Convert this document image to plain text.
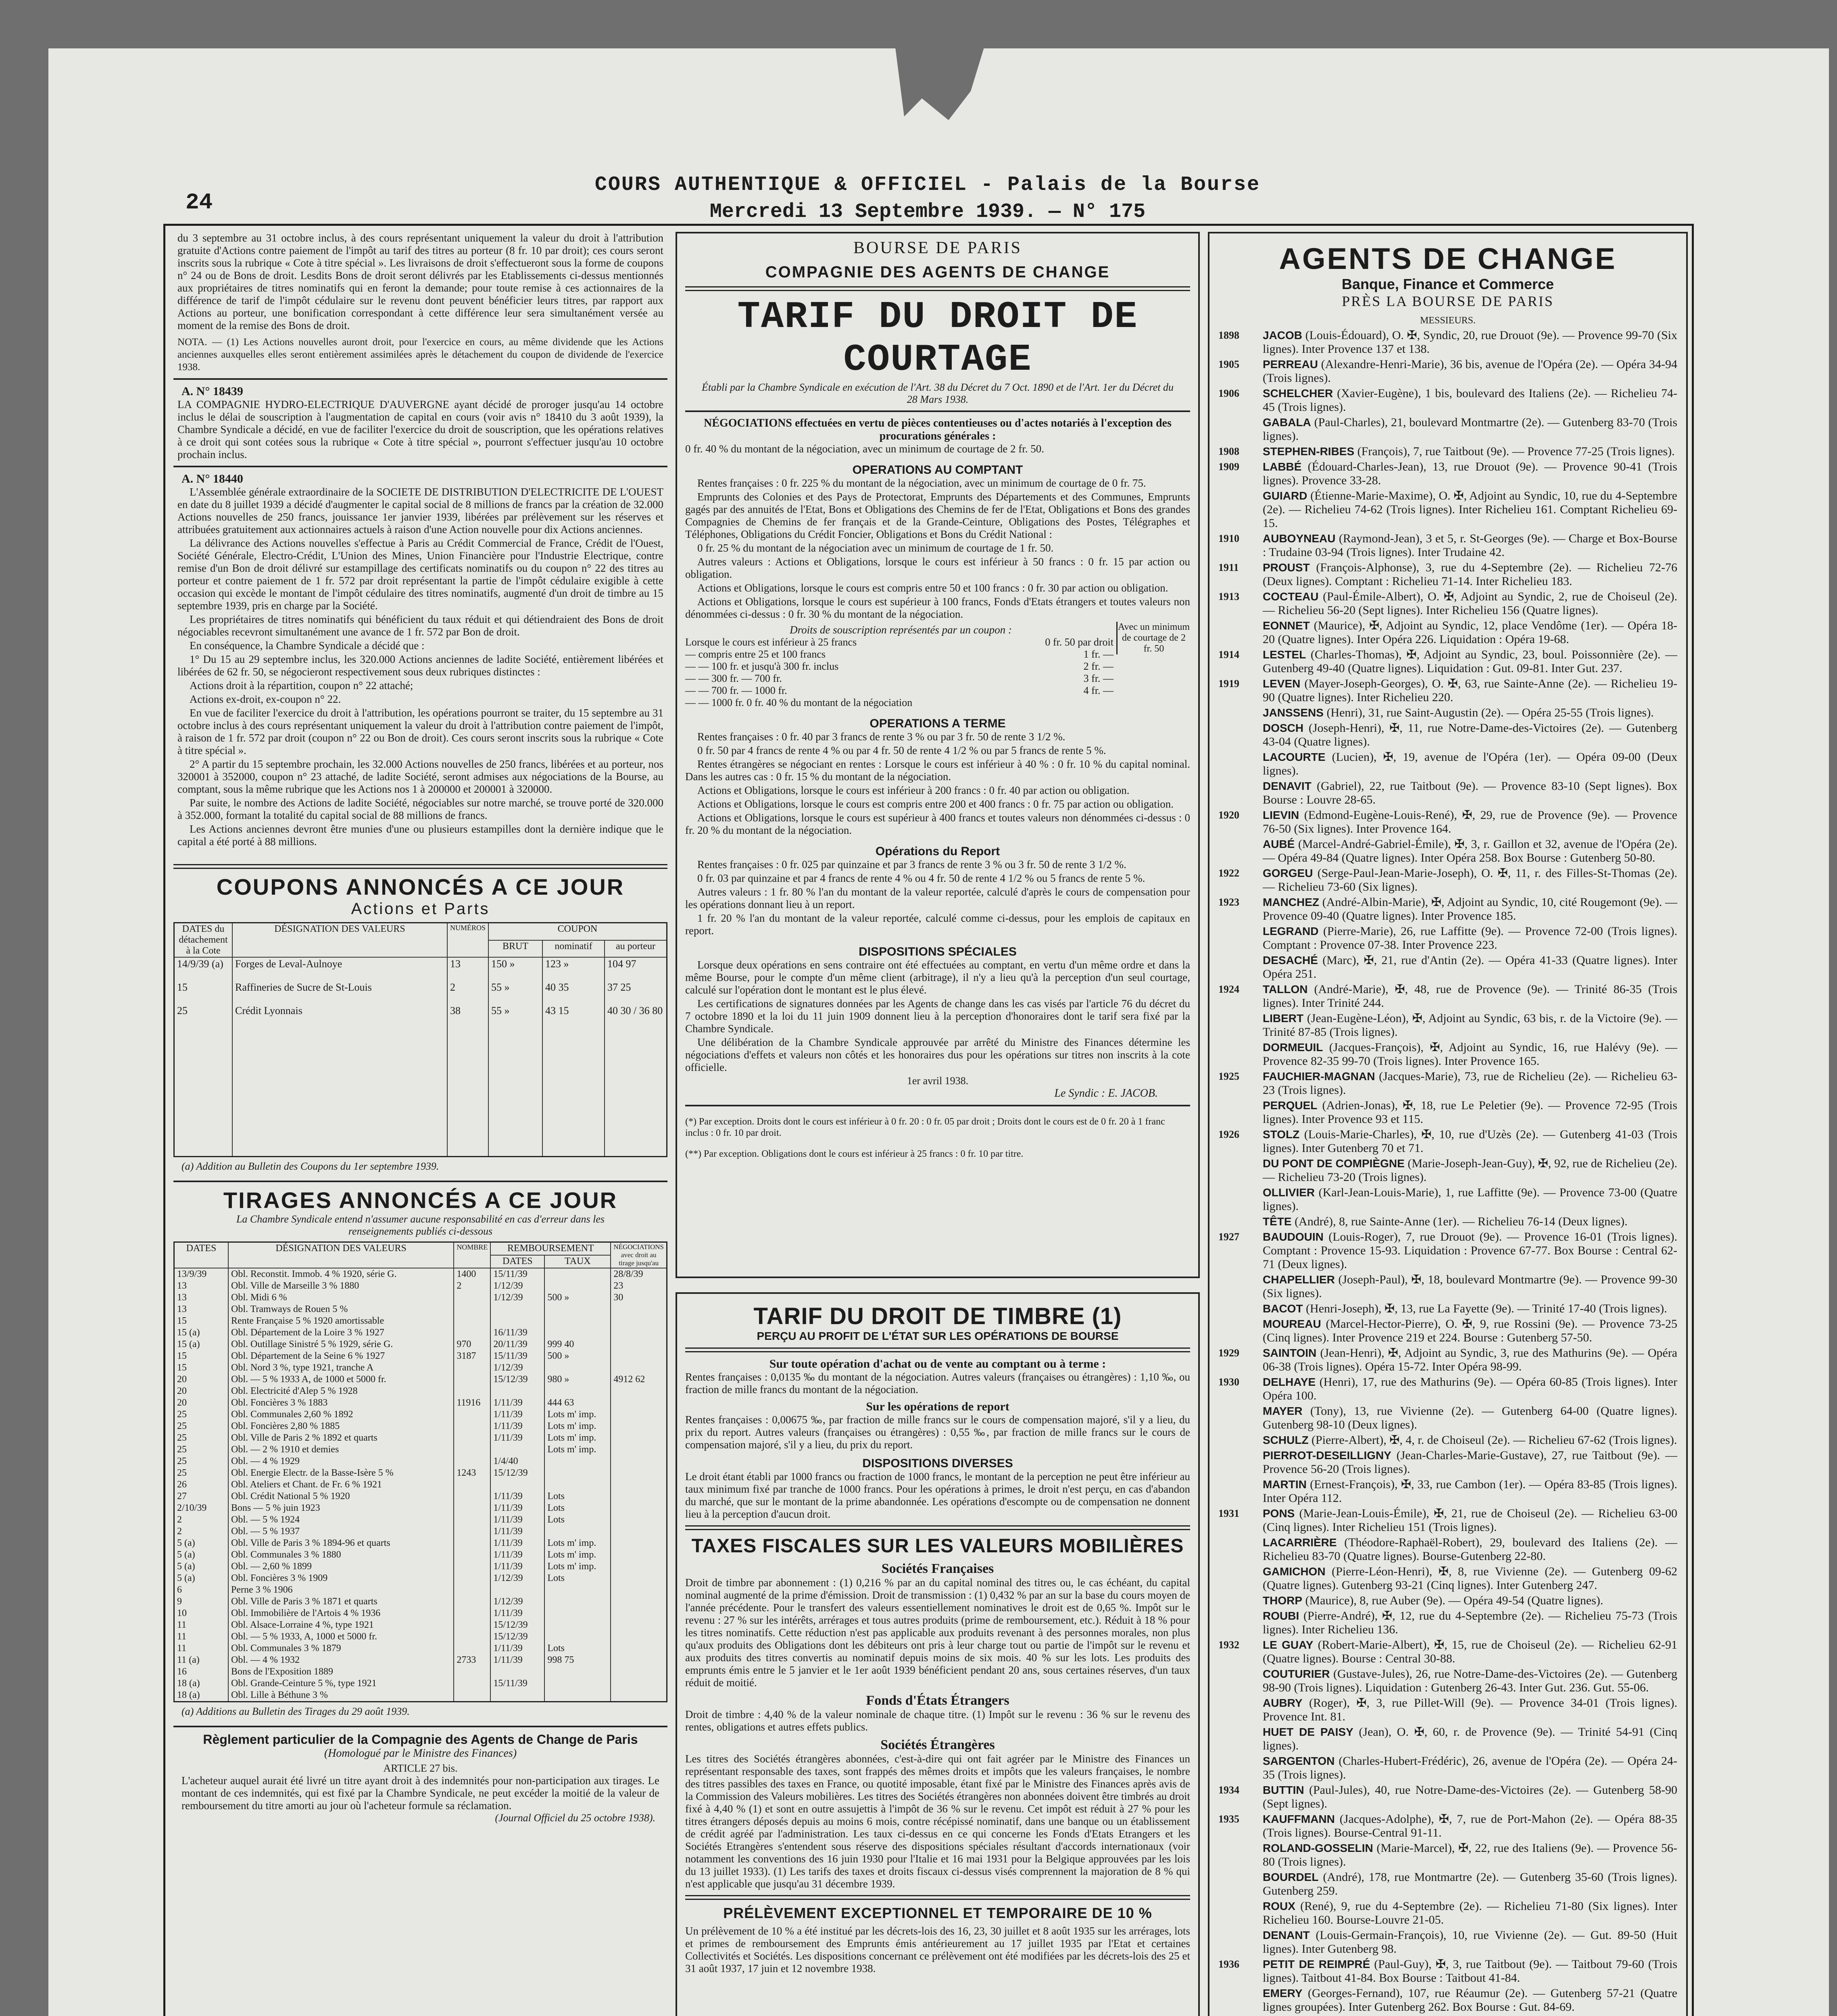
24
COURS AUTHENTIQUE & OFFICIEL - Palais de la Bourse
Mercredi 13 Septembre 1939. — N° 175
du 3 septembre au 31 octobre inclus, à des cours représentant uniquement la valeur du droit à l'attribution gratuite d'Actions contre paiement de l'impôt au tarif des titres au porteur (8 fr. 10 par droit); ces cours seront inscrits sous la rubrique « Cote à titre spécial ». Les livraisons de droit s'effectueront sous la forme de coupons n° 24 ou de Bons de droit. Lesdits Bons de droit seront délivrés par les Etablissements ci-dessus mentionnés aux propriétaires de titres nominatifs qui en feront la demande; pour toute remise à ces actionnaires de la différence de tarif de l'impôt cédulaire sur le revenu dont peuvent bénéficier leurs titres, par rapport aux Actions au porteur, une bonification correspondant à cette différence leur sera simultanément versée au moment de la remise des Bons de droit.
NOTA. — (1) Les Actions nouvelles auront droit, pour l'exercice en cours, au même dividende que les Actions anciennes auxquelles elles seront entièrement assimilées après le détachement du coupon de dividende de l'exercice 1938.
A. N° 18439
LA COMPAGNIE HYDRO-ELECTRIQUE D'AUVERGNE ayant décidé de proroger jusqu'au 14 octobre inclus le délai de souscription à l'augmentation de capital en cours (voir avis n° 18410 du 3 août 1939), la Chambre Syndicale a décidé, en vue de faciliter l'exercice du droit de souscription, que les opérations relatives à ce droit qui sont cotées sous la rubrique « Cote à titre spécial », pourront s'effectuer jusqu'au 10 octobre prochain inclus.
A. N° 18440

L'Assemblée générale extraordinaire de la SOCIETE DE DISTRIBUTION D'ELECTRICITE DE L'OUEST en date du 8 juillet 1939 a décidé d'augmenter le capital social de 8 millions de francs par la création de 32.000 Actions nouvelles de 250 francs, jouissance 1er janvier 1939, libérées par prélèvement sur les réserves et attribuées gratuitement aux actionnaires actuels à raison d'une Action nouvelle pour dix Actions anciennes.

La délivrance des Actions nouvelles s'effectue à Paris au Crédit Commercial de France, Crédit de l'Ouest, Société Générale, Electro-Crédit, L'Union des Mines, Union Financière pour l'Industrie Electrique, contre remise d'un Bon de droit délivré sur estampillage des certificats nominatifs ou du coupon n° 22 des titres au porteur et contre paiement de 1 fr. 572 par droit représentant la partie de l'impôt cédulaire exigible à cette occasion qui excède le montant de l'impôt cédulaire des titres nominatifs, augmenté d'un droit de timbre au 15 septembre 1939, pris en charge par la Société.

Les propriétaires de titres nominatifs qui bénéficient du taux réduit et qui détiendraient des Bons de droit négociables recevront simultanément une avance de 1 fr. 572 par Bon de droit.

En conséquence, la Chambre Syndicale a décidé que :

1° Du 15 au 29 septembre inclus, les 320.000 Actions anciennes de ladite Société, entièrement libérées et libérées de 62 fr. 50, se négocieront respectivement sous deux rubriques distinctes :

Actions droit à la répartition, coupon n° 22 attaché;

Actions ex-droit, ex-coupon n° 22.

En vue de faciliter l'exercice du droit à l'attribution, les opérations pourront se traiter, du 15 septembre au 31 octobre inclus à des cours représentant uniquement la valeur du droit à l'attribution contre paiement de l'impôt, à raison de 1 fr. 572 par droit (coupon n° 22 ou Bon de droit). Ces cours seront inscrits sous la rubrique « Cote à titre spécial ».

2° A partir du 15 septembre prochain, les 32.000 Actions nouvelles de 250 francs, libérées et au porteur, nos 320001 à 352000, coupon n° 23 attaché, de ladite Société, seront admises aux négociations de la Bourse, au comptant, sous la même rubrique que les Actions nos 1 à 200000 et 200001 à 320000.

Par suite, le nombre des Actions de ladite Société, négociables sur notre marché, se trouve porté de 320.000 à 352.000, formant la totalité du capital social de 88 millions de francs.

Les Actions anciennes devront être munies d'une ou plusieurs estampilles dont la dernière indique que le capital a été porté à 88 millions.

COUPONS ANNONCÉS A CE JOUR
Actions et Parts
DATES du détachement à la Cote	DÉSIGNATION DES VALEURS	NUMÉROS	COUPON		
			BRUT	nominatif	au porteur
14/9/39 (a)	Forges de Leval-Aulnoye	13	150 »	123 »	104 97
15	Raffineries de Sucre de St-Louis	2	55 »	40 35	37 25
25	Crédit Lyonnais	38	55 »	43 15	40 30 / 36 80

(a) Addition au Bulletin des Coupons du 1er septembre 1939.
TIRAGES ANNONCÉS A CE JOUR
La Chambre Syndicale entend n'assumer aucune responsabilité en cas d'erreur dans les renseignements publiés ci-dessous
DATES	DÉSIGNATION DES VALEURS	NOMBRE	REMBOURSEMENT		NÉGOCIATIONS avec droit au tirage jusqu'au
			DATES	TAUX	
13/9/39	Obl. Reconstit. Immob. 4 % 1920, série G.	1400	15/11/39		28/8/39
13	Obl. Ville de Marseille 3 % 1880	2	1/12/39		23
13	Obl. Midi 6 %		1/12/39	500 »	30
13	Obl. Tramways de Rouen 5 %				
15	Rente Française 5 % 1920 amortissable				
15 (a)	Obl. Département de la Loire 3 % 1927		16/11/39		
15 (a)	Obl. Outillage Sinistré 5 % 1929, série G.	970	20/11/39	999 40	
15	Obl. Département de la Seine 6 % 1927	3187	15/11/39	500 »	
15	Obl. Nord 3 %, type 1921, tranche A		1/12/39		
20	Obl. — 5 % 1933 A, de 1000 et 5000 fr.		15/12/39	980 »	4912 62
20	Obl. Electricité d'Alep 5 % 1928				
20	Obl. Foncières 3 % 1883	11916	1/11/39	444 63	
25	Obl. Communales 2,60 % 1892		1/11/39	Lots m' imp.	
25	Obl. Foncières 2,80 % 1885		1/11/39	Lots m' imp.	
25	Obl. Ville de Paris 2 % 1892 et quarts		1/11/39	Lots m' imp.	
25	Obl. — 2 % 1910 et demies			Lots m' imp.	
25	Obl. — 4 % 1929		1/4/40		
25	Obl. Energie Electr. de la Basse-Isère 5 %	1243	15/12/39		
26	Obl. Ateliers et Chant. de Fr. 6 % 1921				
27	Obl. Crédit National 5 % 1920		1/11/39	Lots	
2/10/39	Bons — 5 % juin 1923		1/11/39	Lots	
2	Obl. — 5 % 1924		1/11/39	Lots	
2	Obl. — 5 % 1937		1/11/39		
5 (a)	Obl. Ville de Paris 3 % 1894-96 et quarts		1/11/39	Lots m' imp.	
5 (a)	Obl. Communales 3 % 1880		1/11/39	Lots m' imp.	
5 (a)	Obl. — 2,60 % 1899		1/11/39	Lots m' imp.	
5 (a)	Obl. Foncières 3 % 1909		1/12/39	Lots	
6	Perne 3 % 1906				
9	Obl. Ville de Paris 3 % 1871 et quarts		1/12/39		
10	Obl. Immobilière de l'Artois 4 % 1936		1/11/39		
11	Obl. Alsace-Lorraine 4 %, type 1921		15/12/39		
11	Obl. — 5 % 1933, A, 1000 et 5000 fr.		15/12/39		
11	Obl. Communales 3 % 1879		1/11/39	Lots	
11 (a)	Obl. — 4 % 1932	2733	1/11/39	998 75	
16	Bons de l'Exposition 1889				
18 (a)	Obl. Grande-Ceinture 5 %, type 1921		15/11/39		
18 (a)	Obl. Lille à Béthune 3 %				
(a) Additions au Bulletin des Tirages du 29 août 1939.
Règlement particulier de la Compagnie des Agents de Change de Paris
(Homologué par le Ministre des Finances)
ARTICLE 27 bis.
L'acheteur auquel aurait été livré un titre ayant droit à des indemnités pour non-participation aux tirages. Le montant de ces indemnités, qui est fixé par la Chambre Syndicale, ne peut excéder la moitié de la valeur de remboursement du titre amorti au jour où l'acheteur formule sa réclamation.
(Journal Officiel du 25 octobre 1938).
BOURSE DE PARIS
COMPAGNIE DES AGENTS DE CHANGE
TARIF DU DROIT DE COURTAGE
Établi par la Chambre Syndicale en exécution de l'Art. 38 du Décret du 7 Oct. 1890 et de l'Art. 1er du Décret du 28 Mars 1938.
NÉGOCIATIONS effectuées en vertu de pièces contentieuses ou d'actes notariés à l'exception des procurations générales :
0 fr. 40 % du montant de la négociation, avec un minimum de courtage de 2 fr. 50.
OPERATIONS AU COMPTANT

Rentes françaises : 0 fr. 225 % du montant de la négociation, avec un minimum de courtage de 0 fr. 75.

Emprunts des Colonies et des Pays de Protectorat, Emprunts des Départements et des Communes, Emprunts gagés par des annuités de l'Etat, Bons et Obligations des Chemins de fer de l'Etat, Obligations et Bons des grandes Compagnies de Chemins de fer français et de la Grande-Ceinture, Obligations des Postes, Télégraphes et Téléphones, Obligations du Crédit Foncier, Obligations et Bons du Crédit National :

0 fr. 25 % du montant de la négociation avec un minimum de courtage de 1 fr. 50.

Autres valeurs : Actions et Obligations, lorsque le cours est inférieur à 50 francs : 0 fr. 15 par action ou obligation.

Actions et Obligations, lorsque le cours est compris entre 50 et 100 francs : 0 fr. 30 par action ou obligation.

Actions et Obligations, lorsque le cours est supérieur à 100 francs, Fonds d'Etats étrangers et toutes valeurs non dénommées ci-dessus : 0 fr. 30 % du montant de la négociation.

Avec un minimum de courtage de 2 fr. 50
Droits de souscription représentés par un coupon :
Lorsque le cours est inférieur à 25 francs	0 fr. 50 par droit
— compris entre 25 et 100 francs	1 fr. —
— — 100 fr. et jusqu'à 300 fr. inclus	2 fr. —
— — 300 fr. — 700 fr.	3 fr. —
— — 700 fr. — 1000 fr.	4 fr. —
— — 1000 fr. 0 fr. 40 % du montant de la négociation
OPERATIONS A TERME

Rentes françaises : 0 fr. 40 par 3 francs de rente 3 % ou par 3 fr. 50 de rente 3 1/2 %.

0 fr. 50 par 4 francs de rente 4 % ou par 4 fr. 50 de rente 4 1/2 % ou par 5 francs de rente 5 %.

Rentes étrangères se négociant en rentes : Lorsque le cours est inférieur à 40 % : 0 fr. 10 % du capital nominal. Dans les autres cas : 0 fr. 15 % du montant de la négociation.

Actions et Obligations, lorsque le cours est inférieur à 200 francs : 0 fr. 40 par action ou obligation.

Actions et Obligations, lorsque le cours est compris entre 200 et 400 francs : 0 fr. 75 par action ou obligation.

Actions et Obligations, lorsque le cours est supérieur à 400 francs et toutes valeurs non dénommées ci-dessus : 0 fr. 20 % du montant de la négociation.

Opérations du Report

Rentes françaises : 0 fr. 025 par quinzaine et par 3 francs de rente 3 % ou 3 fr. 50 de rente 3 1/2 %.

0 fr. 03 par quinzaine et par 4 francs de rente 4 % ou 4 fr. 50 de rente 4 1/2 % ou 5 francs de rente 5 %.

Autres valeurs : 1 fr. 80 % l'an du montant de la valeur reportée, calculé d'après le cours de compensation pour les opérations donnant lieu à un report.

1 fr. 20 % l'an du montant de la valeur reportée, calculé comme ci-dessus, pour les emplois de capitaux en report.

DISPOSITIONS SPÉCIALES

Lorsque deux opérations en sens contraire ont été effectuées au comptant, en vertu d'un même ordre et dans la même Bourse, pour le compte d'un même client (arbitrage), il n'y a lieu qu'à la perception d'un seul courtage, calculé sur l'opération dont le montant est le plus élevé.

Les certifications de signatures données par les Agents de change dans les cas visés par l'article 76 du décret du 7 octobre 1890 et la loi du 11 juin 1909 donnent lieu à la perception d'honoraires dont le tarif sera fixé par la Chambre Syndicale.

Une délibération de la Chambre Syndicale approuvée par arrêté du Ministre des Finances détermine les négociations d'effets et valeurs non côtés et les honoraires dus pour les opérations sur titres non inscrits à la cote officielle.

1er avril 1938.
Le Syndic : E. JACOB.

(*) Par exception. Droits dont le cours est inférieur à 0 fr. 20 : 0 fr. 05 par droit ; Droits dont le cours est de 0 fr. 20 à 1 franc inclus : 0 fr. 10 par droit.

(**) Par exception. Obligations dont le cours est inférieur à 25 francs : 0 fr. 10 par titre.

TARIF DU DROIT DE TIMBRE (1)
PERÇU AU PROFIT DE L'ÉTAT SUR LES OPÉRATIONS DE BOURSE
Sur toute opération d'achat ou de vente au comptant ou à terme :
Rentes françaises : 0,0135 ‰ du montant de la négociation. Autres valeurs (françaises ou étrangères) : 1,10 ‰, ou fraction de mille francs du montant de la négociation.
Sur les opérations de report
Rentes françaises : 0,00675 ‰, par fraction de mille francs sur le cours de compensation majoré, s'il y a lieu, du prix du report. Autres valeurs (françaises ou étrangères) : 0,55 ‰, par fraction de mille francs sur le cours de compensation majoré, s'il y a lieu, du prix du report.
DISPOSITIONS DIVERSES
Le droit étant établi par 1000 francs ou fraction de 1000 francs, le montant de la perception ne peut être inférieur au taux minimum fixé par tranche de 1000 francs. Pour les opérations à primes, le droit n'est perçu, en cas d'abandon du marché, que sur le montant de la prime abandonnée. Les opérations d'escompte ou de compensation ne donnent lieu à la perception d'aucun droit.
TAXES FISCALES SUR LES VALEURS MOBILIÈRES
Sociétés Françaises
Droit de timbre par abonnement : (1) 0,216 % par an du capital nominal des titres ou, le cas échéant, du capital nominal augmenté de la prime d'émission. Droit de transmission : (1) 0,432 % par an sur la base du cours moyen de l'année précédente. Pour le transfert des valeurs essentiellement nominatives le droit est de 0,65 %. Impôt sur le revenu : 27 % sur les intérêts, arrérages et tous autres produits (prime de remboursement, etc.). Réduit à 18 % pour les titres nominatifs. Cette réduction n'est pas applicable aux produits revenant à des personnes morales, non plus qu'aux produits des Obligations dont les débiteurs ont pris à leur charge tout ou partie de l'impôt sur le revenu et aux produits des titres convertis au nominatif depuis moins de six mois. 40 % sur les lots. Les produits des emprunts émis entre le 5 janvier et le 1er août 1939 bénéficient pendant 20 ans, sous certaines réserves, d'un taux réduit de moitié.
Fonds d'États Étrangers
Droit de timbre : 4,40 % de la valeur nominale de chaque titre. (1) Impôt sur le revenu : 36 % sur le revenu des rentes, obligations et autres effets publics.
Sociétés Étrangères
Les titres des Sociétés étrangères abonnées, c'est-à-dire qui ont fait agréer par le Ministre des Finances un représentant responsable des taxes, sont frappés des mêmes droits et impôts que les valeurs françaises, le nombre des titres passibles des taxes en France, ou quotité imposable, étant fixé par le Ministre des Finances après avis de la Commission des Valeurs mobilières. Les titres des Sociétés étrangères non abonnées doivent être timbrés au droit fixé à 4,40 % (1) et sont en outre assujettis à l'impôt de 36 % sur le revenu. Cet impôt est réduit à 27 % pour les titres étrangers déposés depuis au moins 6 mois, contre récépissé nominatif, dans une banque ou un établissement de crédit agréé par l'administration. Les taux ci-dessus en ce qui concerne les Fonds d'Etats Etrangers et les Sociétés Etrangères s'entendent sous réserve des dispositions spéciales résultant d'accords internationaux (voir notamment les conventions des 16 juin 1930 pour l'Italie et 16 mai 1931 pour la Belgique approuvées par les lois du 13 juillet 1933). (1) Les tarifs des taxes et droits fiscaux ci-dessus visés comprennent la majoration de 8 % qui n'est applicable que jusqu'au 31 décembre 1939.
PRÉLÈVEMENT EXCEPTIONNEL ET TEMPORAIRE DE 10 %
Un prélèvement de 10 % a été institué par les décrets-lois des 16, 23, 30 juillet et 8 août 1935 sur les arrérages, lots et primes de remboursement des Emprunts émis antérieurement au 17 juillet 1935 par l'Etat et certaines Collectivités et Sociétés. Les dispositions concernant ce prélèvement ont été modifiées par les décrets-lois des 25 et 31 août 1937, 17 juin et 12 novembre 1938.
AGENTS DE CHANGE
Banque, Finance et Commerce
PRÈS LA BOURSE DE PARIS
MESSIEURS.
1898	JACOB (Louis-Édouard), O. ✠, Syndic, 20, rue Drouot (9e). — Provence 99-70 (Six lignes). Inter Provence 137 et 138.
1905	PERREAU (Alexandre-Henri-Marie), 36 bis, avenue de l'Opéra (2e). — Opéra 34-94 (Trois lignes).
1906	SCHELCHER (Xavier-Eugène), 1 bis, boulevard des Italiens (2e). — Richelieu 74-45 (Trois lignes).
GABALA (Paul-Charles), 21, boulevard Montmartre (2e). — Gutenberg 83-70 (Trois lignes).
1908	STEPHEN-RIBES (François), 7, rue Taitbout (9e). — Provence 77-25 (Trois lignes).
1909	LABBÉ (Édouard-Charles-Jean), 13, rue Drouot (9e). — Provence 90-41 (Trois lignes). Provence 33-28.
GUIARD (Étienne-Marie-Maxime), O. ✠, Adjoint au Syndic, 10, rue du 4-Septembre (2e). — Richelieu 74-62 (Trois lignes). Inter Richelieu 161. Comptant Richelieu 69-15.
1910	AUBOYNEAU (Raymond-Jean), 3 et 5, r. St-Georges (9e). — Charge et Box-Bourse : Trudaine 03-94 (Trois lignes). Inter Trudaine 42.
1911	PROUST (François-Alphonse), 3, rue du 4-Septembre (2e). — Richelieu 72-76 (Deux lignes). Comptant : Richelieu 71-14. Inter Richelieu 183.
1913	COCTEAU (Paul-Émile-Albert), O. ✠, Adjoint au Syndic, 2, rue de Choiseul (2e). — Richelieu 56-20 (Sept lignes). Inter Richelieu 156 (Quatre lignes).
EONNET (Maurice), ✠, Adjoint au Syndic, 12, place Vendôme (1er). — Opéra 18-20 (Quatre lignes). Inter Opéra 226. Liquidation : Opéra 19-68.
1914	LESTEL (Charles-Thomas), ✠, Adjoint au Syndic, 23, boul. Poissonnière (2e). — Gutenberg 49-40 (Quatre lignes). Liquidation : Gut. 09-81. Inter Gut. 237.
1919	LEVEN (Mayer-Joseph-Georges), O. ✠, 63, rue Sainte-Anne (2e). — Richelieu 19-90 (Quatre lignes). Inter Richelieu 220.
JANSSENS (Henri), 31, rue Saint-Augustin (2e). — Opéra 25-55 (Trois lignes).
DOSCH (Joseph-Henri), ✠, 11, rue Notre-Dame-des-Victoires (2e). — Gutenberg 43-04 (Quatre lignes).
LACOURTE (Lucien), ✠, 19, avenue de l'Opéra (1er). — Opéra 09-00 (Deux lignes).
DENAVIT (Gabriel), 22, rue Taitbout (9e). — Provence 83-10 (Sept lignes). Box Bourse : Louvre 28-65.
1920	LIEVIN (Edmond-Eugène-Louis-René), ✠, 29, rue de Provence (9e). — Provence 76-50 (Six lignes). Inter Provence 164.
AUBÉ (Marcel-André-Gabriel-Émile), ✠, 3, r. Gaillon et 32, avenue de l'Opéra (2e). — Opéra 49-84 (Quatre lignes). Inter Opéra 258. Box Bourse : Gutenberg 50-80.
1922	GORGEU (Serge-Paul-Jean-Marie-Joseph), O. ✠, 11, r. des Filles-St-Thomas (2e). — Richelieu 73-60 (Six lignes).
1923	MANCHEZ (André-Albin-Marie), ✠, Adjoint au Syndic, 10, cité Rougemont (9e). — Provence 09-40 (Quatre lignes). Inter Provence 185.
LEGRAND (Pierre-Marie), 26, rue Laffitte (9e). — Provence 72-00 (Trois lignes). Comptant : Provence 07-38. Inter Provence 223.
DESACHÉ (Marc), ✠, 21, rue d'Antin (2e). — Opéra 41-33 (Quatre lignes). Inter Opéra 251.
1924	TALLON (André-Marie), ✠, 48, rue de Provence (9e). — Trinité 86-35 (Trois lignes). Inter Trinité 244.
LIBERT (Jean-Eugène-Léon), ✠, Adjoint au Syndic, 63 bis, r. de la Victoire (9e). — Trinité 87-85 (Trois lignes).
DORMEUIL (Jacques-François), ✠, Adjoint au Syndic, 16, rue Halévy (9e). — Provence 82-35 99-70 (Trois lignes). Inter Provence 165.
1925	FAUCHIER-MAGNAN (Jacques-Marie), 73, rue de Richelieu (2e). — Richelieu 63-23 (Trois lignes).
PERQUEL (Adrien-Jonas), ✠, 18, rue Le Peletier (9e). — Provence 72-95 (Trois lignes). Inter Provence 93 et 115.
1926	STOLZ (Louis-Marie-Charles), ✠, 10, rue d'Uzès (2e). — Gutenberg 41-03 (Trois lignes). Inter Gutenberg 70 et 71.
DU PONT DE COMPIÈGNE (Marie-Joseph-Jean-Guy), ✠, 92, rue de Richelieu (2e). — Richelieu 73-20 (Trois lignes).
OLLIVIER (Karl-Jean-Louis-Marie), 1, rue Laffitte (9e). — Provence 73-00 (Quatre lignes).
TÊTE (André), 8, rue Sainte-Anne (1er). — Richelieu 76-14 (Deux lignes).
1927	BAUDOUIN (Louis-Roger), 7, rue Drouot (9e). — Provence 16-01 (Trois lignes). Comptant : Provence 15-93. Liquidation : Provence 67-77. Box Bourse : Central 62-71 (Deux lignes).
CHAPELLIER (Joseph-Paul), ✠, 18, boulevard Montmartre (9e). — Provence 99-30 (Six lignes).
BACOT (Henri-Joseph), ✠, 13, rue La Fayette (9e). — Trinité 17-40 (Trois lignes).
MOUREAU (Marcel-Hector-Pierre), O. ✠, 9, rue Rossini (9e). — Provence 73-25 (Cinq lignes). Inter Provence 219 et 224. Bourse : Gutenberg 57-50.
1929	SAINTOIN (Jean-Henri), ✠, Adjoint au Syndic, 3, rue des Mathurins (9e). — Opéra 06-38 (Trois lignes). Opéra 15-72. Inter Opéra 98-99.
1930	DELHAYE (Henri), 17, rue des Mathurins (9e). — Opéra 60-85 (Trois lignes). Inter Opéra 100.
MAYER (Tony), 13, rue Vivienne (2e). — Gutenberg 64-00 (Quatre lignes). Gutenberg 98-10 (Deux lignes).
SCHULZ (Pierre-Albert), ✠, 4, r. de Choiseul (2e). — Richelieu 67-62 (Trois lignes).
PIERROT-DESEILLIGNY (Jean-Charles-Marie-Gustave), 27, rue Taitbout (9e). — Provence 56-20 (Trois lignes).
MARTIN (Ernest-François), ✠, 33, rue Cambon (1er). — Opéra 83-85 (Trois lignes). Inter Opéra 112.
1931	PONS (Marie-Jean-Louis-Émile), ✠, 21, rue de Choiseul (2e). — Richelieu 63-00 (Cinq lignes). Inter Richelieu 151 (Trois lignes).
LACARRIÈRE (Théodore-Raphaël-Robert), 29, boulevard des Italiens (2e). — Richelieu 83-70 (Quatre lignes). Bourse-Gutenberg 22-80.
GAMICHON (Pierre-Léon-Henri), ✠, 8, rue Vivienne (2e). — Gutenberg 09-62 (Quatre lignes). Gutenberg 93-21 (Cinq lignes). Inter Gutenberg 247.
THORP (Maurice), 8, rue Auber (9e). — Opéra 49-54 (Quatre lignes).
ROUBI (Pierre-André), ✠, 12, rue du 4-Septembre (2e). — Richelieu 75-73 (Trois lignes). Inter Richelieu 136.
1932	LE GUAY (Robert-Marie-Albert), ✠, 15, rue de Choiseul (2e). — Richelieu 62-91 (Quatre lignes). Bourse : Central 30-88.
COUTURIER (Gustave-Jules), 26, rue Notre-Dame-des-Victoires (2e). — Gutenberg 98-90 (Trois lignes). Liquidation : Gutenberg 26-43. Inter Gut. 236. Gut. 55-06.
AUBRY (Roger), ✠, 3, rue Pillet-Will (9e). — Provence 34-01 (Trois lignes). Provence Int. 81.
HUET DE PAISY (Jean), O. ✠, 60, r. de Provence (9e). — Trinité 54-91 (Cinq lignes).
SARGENTON (Charles-Hubert-Frédéric), 26, avenue de l'Opéra (2e). — Opéra 24-35 (Trois lignes).
1934	BUTTIN (Paul-Jules), 40, rue Notre-Dame-des-Victoires (2e). — Gutenberg 58-90 (Sept lignes).
1935	KAUFFMANN (Jacques-Adolphe), ✠, 7, rue de Port-Mahon (2e). — Opéra 88-35 (Trois lignes). Bourse-Central 91-11.
ROLAND-GOSSELIN (Marie-Marcel), ✠, 22, rue des Italiens (9e). — Provence 56-80 (Trois lignes).
BOURDEL (André), 178, rue Montmartre (2e). — Gutenberg 35-60 (Trois lignes). Gutenberg 259.
ROUX (René), 9, rue du 4-Septembre (2e). — Richelieu 71-80 (Six lignes). Inter Richelieu 160. Bourse-Louvre 21-05.
DENANT (Louis-Germain-François), 10, rue Vivienne (2e). — Gut. 89-50 (Huit lignes). Inter Gutenberg 98.
1936	PETIT DE REIMPRÉ (Paul-Guy), ✠, 3, rue Taitbout (9e). — Taitbout 79-60 (Trois lignes). Taitbout 41-84. Box Bourse : Taitbout 41-84.
EMERY (Georges-Fernand), 107, rue Réaumur (2e). — Gutenberg 57-21 (Quatre lignes groupées). Inter Gutenberg 262. Box Bourse : Gut. 84-69.
